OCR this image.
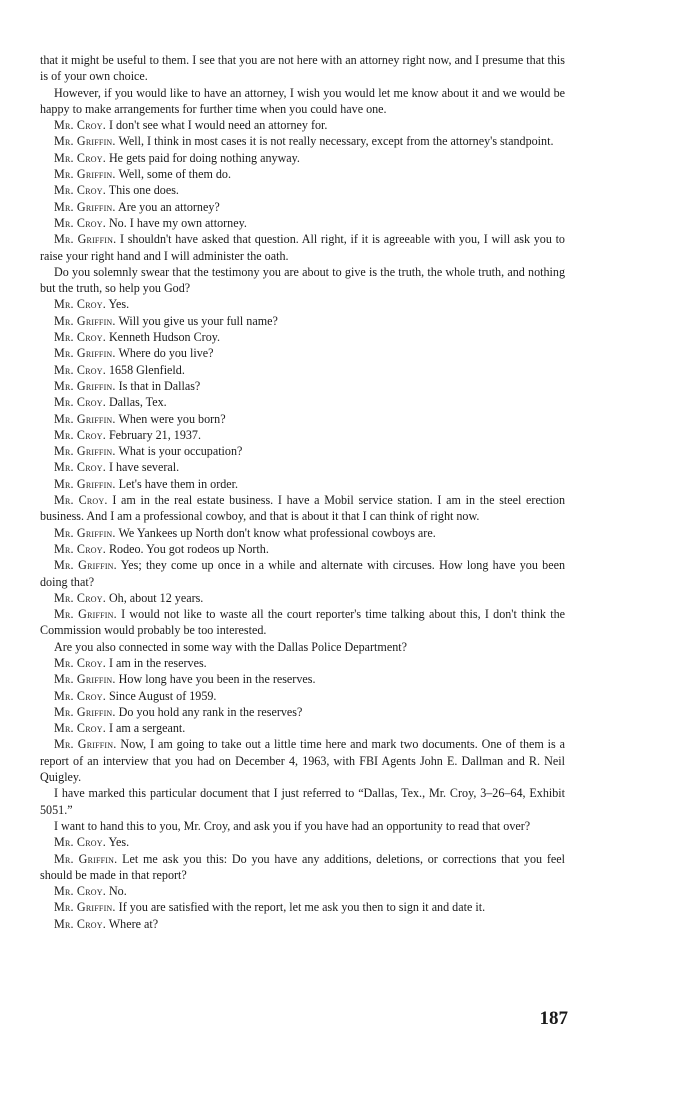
that it might be useful to them. I see that you are not here with an attorney right now, and I presume that this is of your own choice.

However, if you would like to have an attorney, I wish you would let me know about it and we would be happy to make arrangements for further time when you could have one.

Mr. Croy. I don't see what I would need an attorney for.

Mr. Griffin. Well, I think in most cases it is not really necessary, except from the attorney's standpoint.

Mr. Croy. He gets paid for doing nothing anyway.

Mr. Griffin. Well, some of them do.

Mr. Croy. This one does.

Mr. Griffin. Are you an attorney?

Mr. Croy. No. I have my own attorney.

Mr. Griffin. I shouldn't have asked that question. All right, if it is agreeable with you, I will ask you to raise your right hand and I will administer the oath.

Do you solemnly swear that the testimony you are about to give is the truth, the whole truth, and nothing but the truth, so help you God?

Mr. Croy. Yes.

Mr. Griffin. Will you give us your full name?

Mr. Croy. Kenneth Hudson Croy.

Mr. Griffin. Where do you live?

Mr. Croy. 1658 Glenfield.

Mr. Griffin. Is that in Dallas?

Mr. Croy. Dallas, Tex.

Mr. Griffin. When were you born?

Mr. Croy. February 21, 1937.

Mr. Griffin. What is your occupation?

Mr. Croy. I have several.

Mr. Griffin. Let's have them in order.

Mr. Croy. I am in the real estate business. I have a Mobil service station. I am in the steel erection business. And I am a professional cowboy, and that is about it that I can think of right now.

Mr. Griffin. We Yankees up North don't know what professional cowboys are.

Mr. Croy. Rodeo. You got rodeos up North.

Mr. Griffin. Yes; they come up once in a while and alternate with circuses. How long have you been doing that?

Mr. Croy. Oh, about 12 years.

Mr. Griffin. I would not like to waste all the court reporter's time talking about this, I don't think the Commission would probably be too interested.

Are you also connected in some way with the Dallas Police Department?

Mr. Croy. I am in the reserves.

Mr. Griffin. How long have you been in the reserves.

Mr. Croy. Since August of 1959.

Mr. Griffin. Do you hold any rank in the reserves?

Mr. Croy. I am a sergeant.

Mr. Griffin. Now, I am going to take out a little time here and mark two documents. One of them is a report of an interview that you had on December 4, 1963, with FBI Agents John E. Dallman and R. Neil Quigley.

I have marked this particular document that I just referred to “Dallas, Tex., Mr. Croy, 3–26–64, Exhibit 5051.”

I want to hand this to you, Mr. Croy, and ask you if you have had an opportunity to read that over?

Mr. Croy. Yes.

Mr. Griffin. Let me ask you this: Do you have any additions, deletions, or corrections that you feel should be made in that report?

Mr. Croy. No.

Mr. Griffin. If you are satisfied with the report, let me ask you then to sign it and date it.

Mr. Croy. Where at?

187
